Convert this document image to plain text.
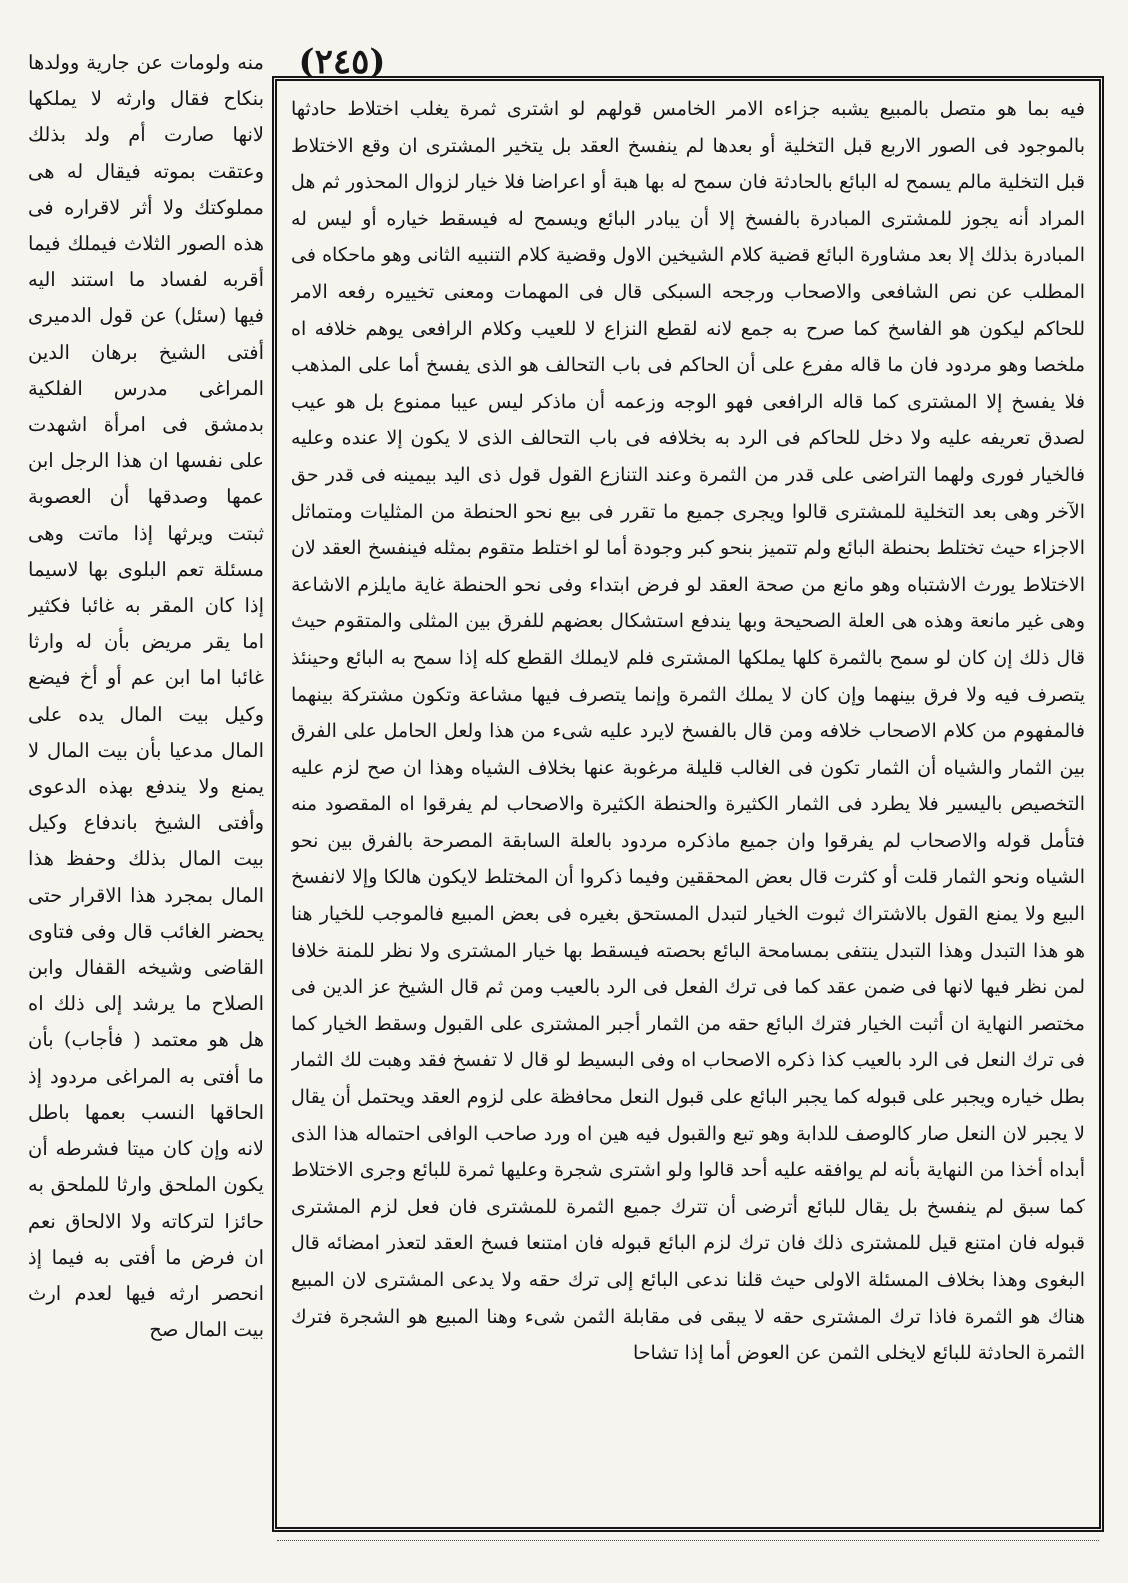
(٢٤٥)

فيه بما هو متصل بالمبيع يشبه جزاءه الامر الخامس قولهم لو اشترى ثمرة يغلب اختلاط حادثها بالموجود فى الصور الاربع قبل التخلية أو بعدها لم ينفسخ العقد بل يتخير المشترى ان وقع الاختلاط قبل التخلية مالم يسمح له البائع بالحادثة فان سمح له بها هبة أو اعراضا فلا خيار لزوال المحذور ثم هل المراد أنه يجوز للمشترى المبادرة بالفسخ إلا أن يبادر البائع ويسمح له فيسقط خياره أو ليس له المبادرة بذلك إلا بعد مشاورة البائع قضية كلام الشيخين الاول وقضية كلام التنبيه الثانى وهو ماحكاه فى المطلب عن نص الشافعى والاصحاب ورجحه السبكى قال فى المهمات ومعنى تخييره رفعه الامر للحاكم ليكون هو الفاسخ كما صرح به جمع لانه لقطع النزاع لا للعيب وكلام الرافعى يوهم خلافه اه ملخصا وهو مردود فان ما قاله مفرع على أن الحاكم فى باب التحالف هو الذى يفسخ أما على المذهب فلا يفسخ إلا المشترى كما قاله الرافعى فهو الوجه وزعمه أن ماذكر ليس عيبا ممنوع بل هو عيب لصدق تعريفه عليه ولا دخل للحاكم فى الرد به بخلافه فى باب التحالف الذى لا يكون إلا عنده وعليه فالخيار فورى ولهما التراضى على قدر من الثمرة وعند التنازع القول قول ذى اليد بيمينه فى قدر حق الآخر وهى بعد التخلية للمشترى قالوا ويجرى جميع ما تقرر فى بيع نحو الحنطة من المثليات ومتماثل الاجزاء حيث تختلط بحنطة البائع ولم تتميز بنحو كبر وجودة أما لو اختلط متقوم بمثله فينفسخ العقد لان الاختلاط يورث الاشتباه وهو مانع من صحة العقد لو فرض ابتداء وفى نحو الحنطة غاية مايلزم الاشاعة وهى غير مانعة وهذه هى العلة الصحيحة وبها يندفع استشكال بعضهم للفرق بين المثلى والمتقوم حيث قال ذلك إن كان لو سمح بالثمرة كلها يملكها المشترى فلم لايملك القطع كله إذا سمح به البائع وحينئذ يتصرف فيه ولا فرق بينهما وإن كان لا يملك الثمرة وإنما يتصرف فيها مشاعة وتكون مشتركة بينهما فالمفهوم من كلام الاصحاب خلافه ومن قال بالفسخ لايرد عليه شىء من هذا ولعل الحامل على الفرق بين الثمار والشياه أن الثمار تكون فى الغالب قليلة مرغوبة عنها بخلاف الشياه وهذا ان صح لزم عليه التخصيص باليسير فلا يطرد فى الثمار الكثيرة والحنطة الكثيرة والاصحاب لم يفرقوا اه المقصود منه فتأمل قوله والاصحاب لم يفرقوا وان جميع ماذكره مردود بالعلة السابقة المصرحة بالفرق بين نحو الشياه ونحو الثمار قلت أو كثرت قال بعض المحققين وفيما ذكروا أن المختلط لايكون هالكا وإلا لانفسخ البيع ولا يمنع القول بالاشتراك ثبوت الخيار لتبدل المستحق بغيره فى بعض المبيع فالموجب للخيار هنا هو هذا التبدل وهذا التبدل ينتفى بمسامحة البائع بحصته فيسقط بها خيار المشترى ولا نظر للمنة خلافا لمن نظر فيها لانها فى ضمن عقد كما فى ترك الفعل فى الرد بالعيب ومن ثم قال الشيخ عز الدين فى مختصر النهاية ان أثبت الخيار فترك البائع حقه من الثمار أجبر المشترى على القبول وسقط الخيار كما فى ترك النعل فى الرد بالعيب كذا ذكره الاصحاب اه وفى البسيط لو قال لا تفسخ فقد وهبت لك الثمار بطل خياره ويجبر على قبوله كما يجبر البائع على قبول النعل محافظة على لزوم العقد ويحتمل أن يقال لا يجبر لان النعل صار كالوصف للدابة وهو تبع والقبول فيه هين اه ورد صاحب الوافى احتماله هذا الذى أبداه أخذا من النهاية بأنه لم يوافقه عليه أحد قالوا ولو اشترى شجرة وعليها ثمرة للبائع وجرى الاختلاط كما سبق لم ينفسخ بل يقال للبائع أترضى أن تترك جميع الثمرة للمشترى فان فعل لزم المشترى قبوله فان امتنع قيل للمشترى ذلك فان ترك لزم البائع قبوله فان امتنعا فسخ العقد لتعذر امضائه قال البغوى وهذا بخلاف المسئلة الاولى حيث قلنا ندعى البائع إلى ترك حقه ولا يدعى المشترى لان المبيع هناك هو الثمرة فاذا ترك المشترى حقه لا يبقى فى مقابلة الثمن شىء وهنا المبيع هو الشجرة فترك الثمرة الحادثة للبائع لايخلى الثمن عن العوض أما إذا تشاحا

منه ولومات عن جارية وولدها بنكاح فقال وارثه لا يملكها لانها صارت أم ولد بذلك وعتقت بموته فيقال له هى مملوكتك ولا أثر لاقراره فى هذه الصور الثلاث فيملك فيما أقربه لفساد ما استند اليه فيها (سئل) عن قول الدميرى أفتى الشيخ برهان الدين المراغى مدرس الفلكية بدمشق فى امرأة اشهدت على نفسها ان هذا الرجل ابن عمها وصدقها أن العصوبة ثبتت ويرثها إذا ماتت وهى مسئلة تعم البلوى بها لاسيما إذا كان المقر به غائبا فكثير اما يقر مريض بأن له وارثا غائبا اما ابن عم أو أخ فيضع وكيل بيت المال يده على المال مدعيا بأن بيت المال لا يمنع ولا يندفع بهذه الدعوى وأفتى الشيخ باندفاع وكيل بيت المال بذلك وحفظ هذا المال بمجرد هذا الاقرار حتى يحضر الغائب قال وفى فتاوى القاضى وشيخه القفال وابن الصلاح ما يرشد إلى ذلك اه هل هو معتمد ( فأجاب) بأن ما أفتى به المراغى مردود إذ الحاقها النسب بعمها باطل لانه وإن كان ميتا فشرطه أن يكون الملحق وارثا للملحق به حائزا لتركاته ولا الالحاق نعم ان فرض ما أفتى به فيما إذ انحصر ارثه فيها لعدم ارث بيت المال صح
